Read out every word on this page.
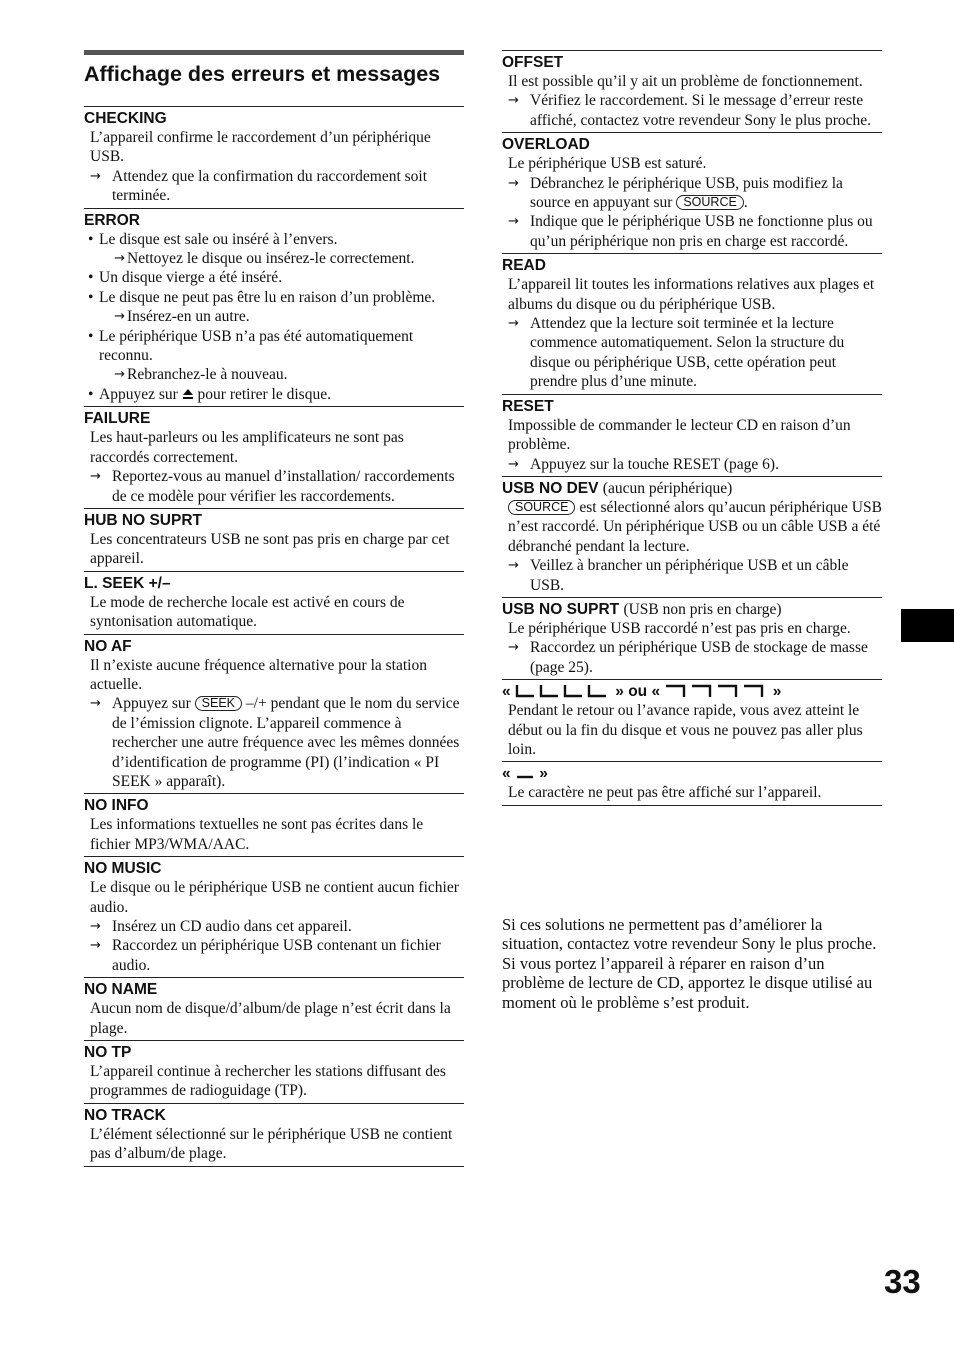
Affichage des erreurs et messages
CHECKING
L’appareil confirme le raccordement d’un périphérique USB.
→ Attendez que la confirmation du raccordement soit terminée.
ERROR
• Le disque est sale ou inséré à l’envers.
→ Nettoyez le disque ou insérez-le correctement.
• Un disque vierge a été inséré.
• Le disque ne peut pas être lu en raison d’un problème.
→ Insérez-en un autre.
• Le périphérique USB n’a pas été automatiquement reconnu.
→ Rebranchez-le à nouveau.
• Appuyez sur pour retirer le disque.
FAILURE
Les haut-parleurs ou les amplificateurs ne sont pas raccordés correctement.
→ Reportez-vous au manuel d’installation/ raccordements de ce modèle pour vérifier les raccordements.
HUB NO SUPRT
Les concentrateurs USB ne sont pas pris en charge par cet appareil.
L. SEEK +/–
Le mode de recherche locale est activé en cours de syntonisation automatique.
NO AF
Il n’existe aucune fréquence alternative pour la station actuelle.
→ Appuyez sur SEEK –/+ pendant que le nom du service de l’émission clignote. L’appareil commence à rechercher une autre fréquence avec les mêmes données d’identification de programme (PI) (l’indication « PI SEEK » apparaît).
NO INFO
Les informations textuelles ne sont pas écrites dans le fichier MP3/WMA/AAC.
NO MUSIC
Le disque ou le périphérique USB ne contient aucun fichier audio.
→ Insérez un CD audio dans cet appareil.
→ Raccordez un périphérique USB contenant un fichier audio.
NO NAME
Aucun nom de disque/d’album/de plage n’est écrit dans la plage.
NO TP
L’appareil continue à rechercher les stations diffusant des programmes de radioguidage (TP).
NO TRACK
L’élément sélectionné sur le périphérique USB ne contient pas d’album/de plage.
OFFSET
Il est possible qu’il y ait un problème de fonctionnement.
→ Vérifiez le raccordement. Si le message d’erreur reste affiché, contactez votre revendeur Sony le plus proche.
OVERLOAD
Le périphérique USB est saturé.
→ Débranchez le périphérique USB, puis modifiez la source en appuyant sur SOURCE .
→ Indique que le périphérique USB ne fonctionne plus ou qu’un périphérique non pris en charge est raccordé.
READ
L’appareil lit toutes les informations relatives aux plages et albums du disque ou du périphérique USB.
→ Attendez que la lecture soit terminée et la lecture commence automatiquement. Selon la structure du disque ou périphérique USB, cette opération peut prendre plus d’une minute.
RESET
Impossible de commander le lecteur CD en raison d’un problème.
→ Appuyez sur la touche RESET (page 6).
USB NO DEV (aucun périphérique)
SOURCE est sélectionné alors qu’aucun périphérique USB n’est raccordé. Un périphérique USB ou un câble USB a été débranché pendant la lecture.
→ Veillez à brancher un périphérique USB et un câble USB.
USB NO SUPRT (USB non pris en charge)
Le périphérique USB raccordé n’est pas pris en charge.
→ Raccordez un périphérique USB de stockage de masse (page 25).
«	» ou «	»
Pendant le retour ou l’avance rapide, vous avez atteint le début ou la fin du disque et vous ne pouvez pas aller plus loin.
« »
Le caractère ne peut pas être affiché sur l’appareil.

Si ces solutions ne permettent pas d’améliorer la situation, contactez votre revendeur Sony le plus proche.

Si vous portez l’appareil à réparer en raison d’un problème de lecture de CD, apportez le disque utilisé au moment où le problème s’est produit.

33
